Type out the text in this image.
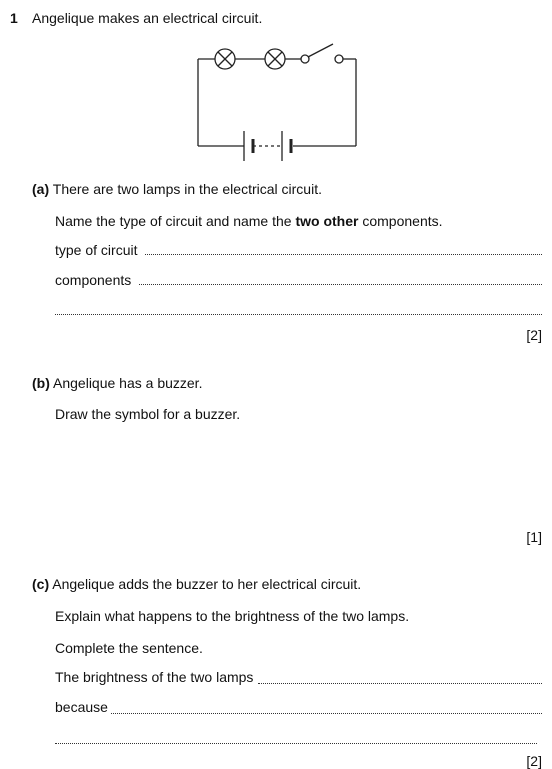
1 Angelique makes an electrical circuit.
(a) There are two lamps in the electrical circuit.
Name the type of circuit and name the two other components.
type of circuit
components
[2]
(b) Angelique has a buzzer.
Draw the symbol for a buzzer.
[1]
(c) Angelique adds the buzzer to her electrical circuit.
Explain what happens to the brightness of the two lamps.
Complete the sentence.
The brightness of the two lamps
because
[2]
